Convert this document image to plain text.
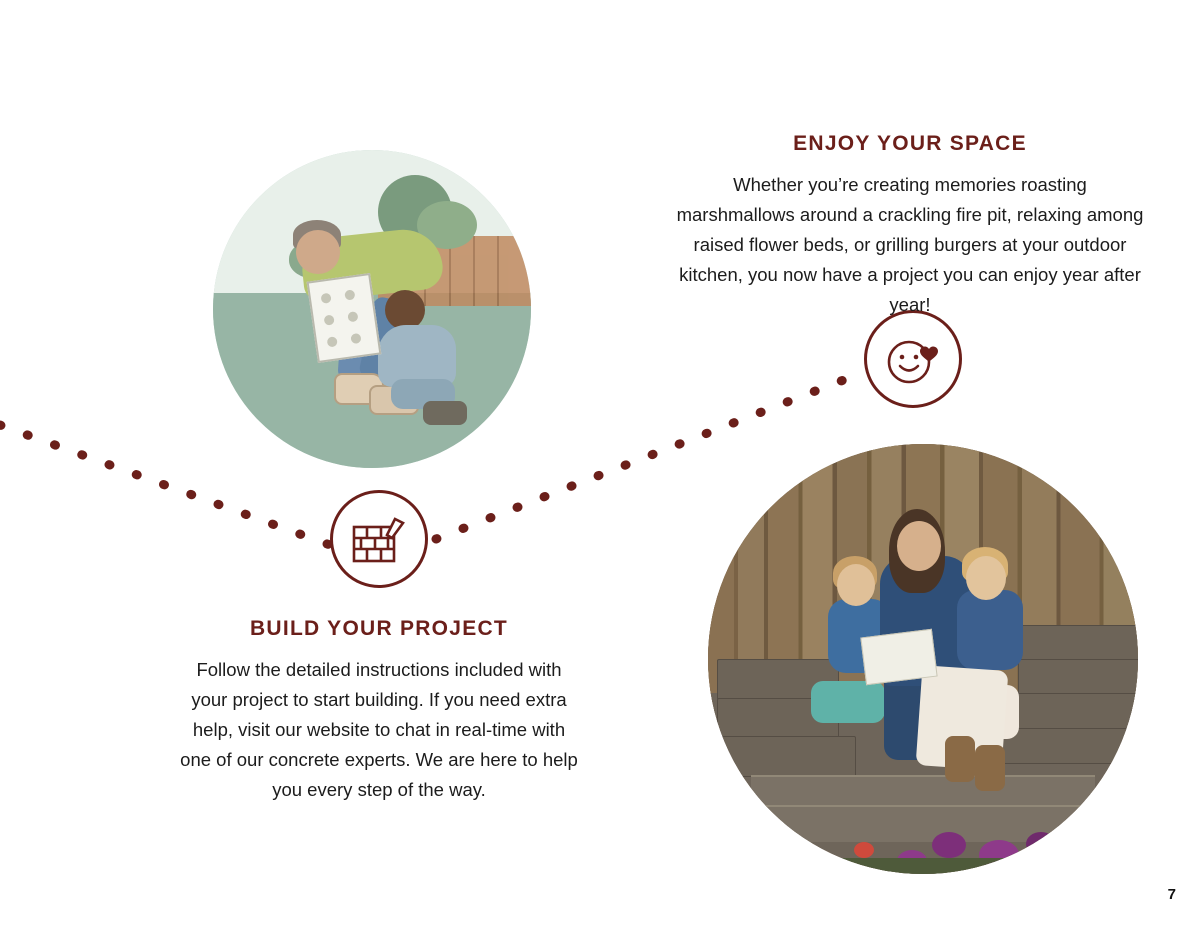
ENJOY YOUR SPACE
Whether you’re creating memories roasting marshmallows around a crackling fire pit, relaxing among raised flower beds, or grilling burgers at your outdoor kitchen, you now have a project you can enjoy year after year!
BUILD YOUR PROJECT
Follow the detailed instructions included with your project to start building. If you need extra help, visit our website to chat in real-time with one of our concrete experts. We are here to help you every step of the way.
7
